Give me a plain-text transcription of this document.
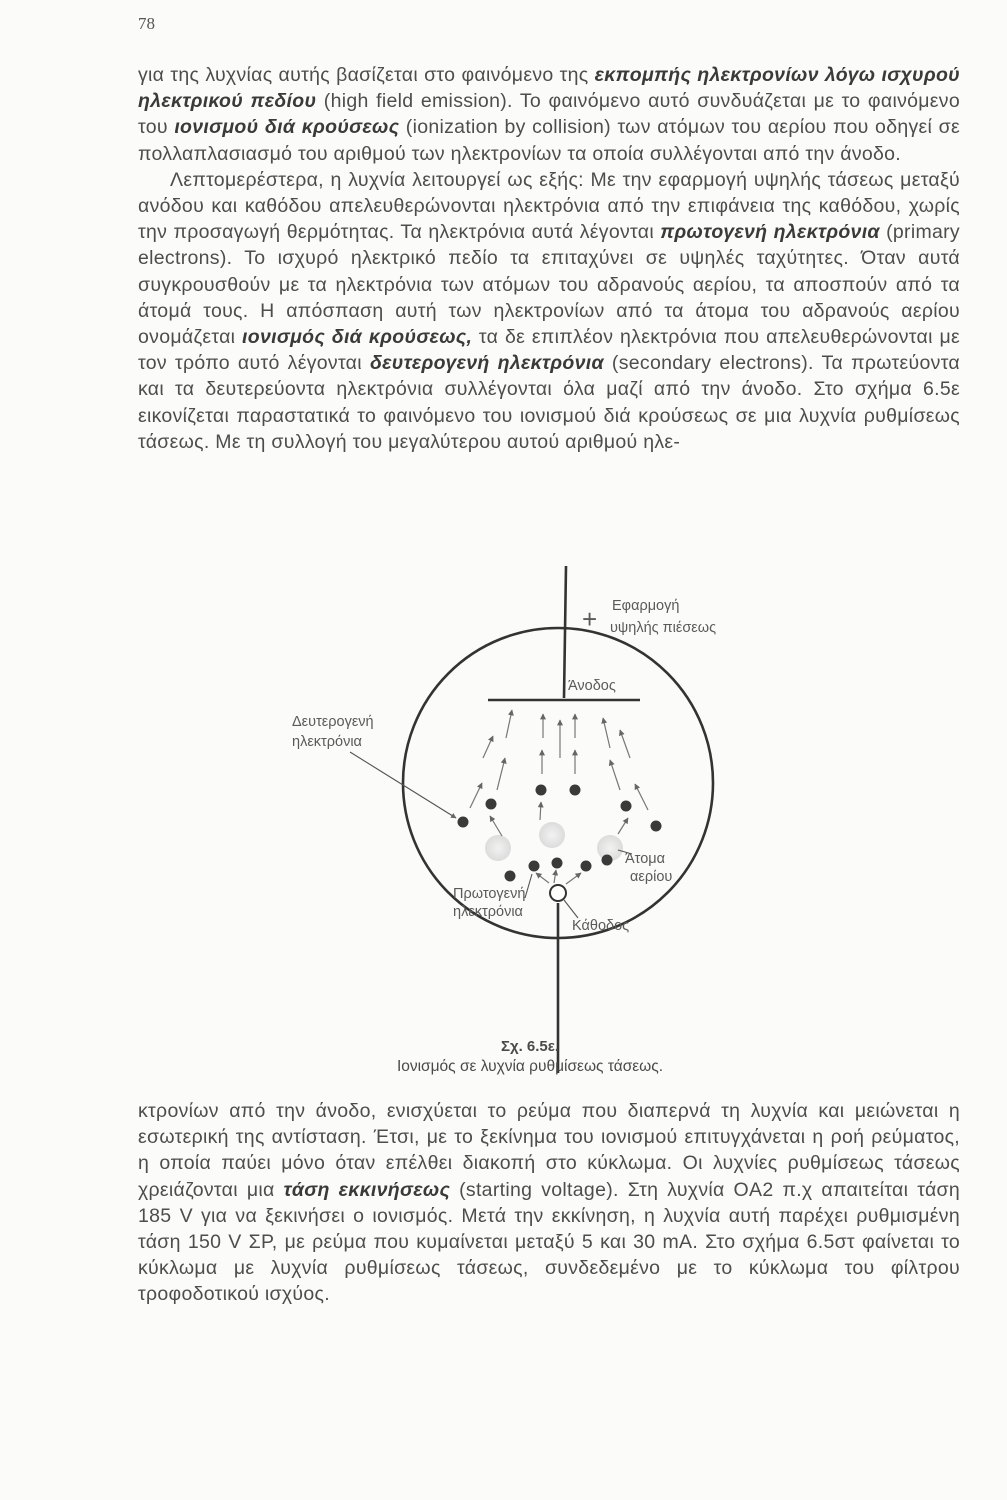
78

για της λυχνίας αυτής βασίζεται στο φαινόμενο της εκπομπής ηλεκτρονίων λόγω ισχυρού ηλεκτρικού πεδίου (high field emission). Το φαινόμενο αυτό συνδυάζεται με το φαινόμενο του ιονισμού διά κρούσεως (ionization by collision) των ατόμων του αερίου που οδηγεί σε πολλαπλασιασμό του αριθμού των ηλεκτρονίων τα οποία συλλέγονται από την άνοδο.

Λεπτομερέστερα, η λυχνία λειτουργεί ως εξής: Με την εφαρμογή υψηλής τάσεως μεταξύ ανόδου και καθόδου απελευθερώνονται ηλεκτρόνια από την επιφάνεια της καθόδου, χωρίς την προσαγωγή θερμότητας. Τα ηλεκτρόνια αυτά λέγονται πρωτογενή ηλεκτρόνια (primary electrons). Το ισχυρό ηλεκτρικό πεδίο τα επιταχύνει σε υψηλές ταχύτητες. Όταν αυτά συγκρουσθούν με τα ηλεκτρόνια των ατόμων του αδρανούς αερίου, τα αποσπούν από τα άτομά τους. Η απόσπαση αυτή των ηλεκτρονίων από τα άτομα του αδρανούς αερίου ονομάζεται ιονισμός διά κρούσεως, τα δε επιπλέον ηλεκτρόνια που απελευθερώνονται με τον τρόπο αυτό λέγονται δευτερογενή ηλεκτρόνια (secondary electrons). Τα πρωτεύοντα και τα δευτερεύοντα ηλεκτρόνια συλλέγονται όλα μαζί από την άνοδο. Στο σχήμα 6.5ε εικονίζεται παραστατικά το φαινόμενο του ιονισμού διά κρούσεως σε μια λυχνία ρυθμίσεως τάσεως. Με τη συλλογή του μεγαλύτερου αυτού αριθμού ηλε-

+ Εφαρμογή
υψηλής πιέσεως
Άνοδος
Δευτερογενή
ηλεκτρόνια
Άτομα
αερίου
Πρωτογενή
ηλεκτρόνια
Κάθοδος
Σχ. 6.5ε.
Ιονισμός σε λυχνία ρυθμίσεως τάσεως.

κτρονίων από την άνοδο, ενισχύεται το ρεύμα που διαπερνά τη λυχνία και μειώνεται η εσωτερική της αντίσταση. Έτσι, με το ξεκίνημα του ιονισμού επιτυγχάνεται η ροή ρεύματος, η οποία παύει μόνο όταν επέλθει διακοπή στο κύκλωμα. Οι λυχνίες ρυθμίσεως τάσεως χρειάζονται μια τάση εκκινήσεως (starting voltage). Στη λυχνία OA2 π.χ απαιτείται τάση 185 V για να ξεκινήσει ο ιονισμός. Μετά την εκκίνηση, η λυχνία αυτή παρέχει ρυθμισμένη τάση 150 V ΣΡ, με ρεύμα που κυμαίνεται μεταξύ 5 και 30 mA. Στο σχήμα 6.5στ φαίνεται το κύκλωμα με λυχνία ρυθμίσεως τάσεως, συνδεδεμένο με το κύκλωμα του φίλτρου τροφοδοτικού ισχύος.
